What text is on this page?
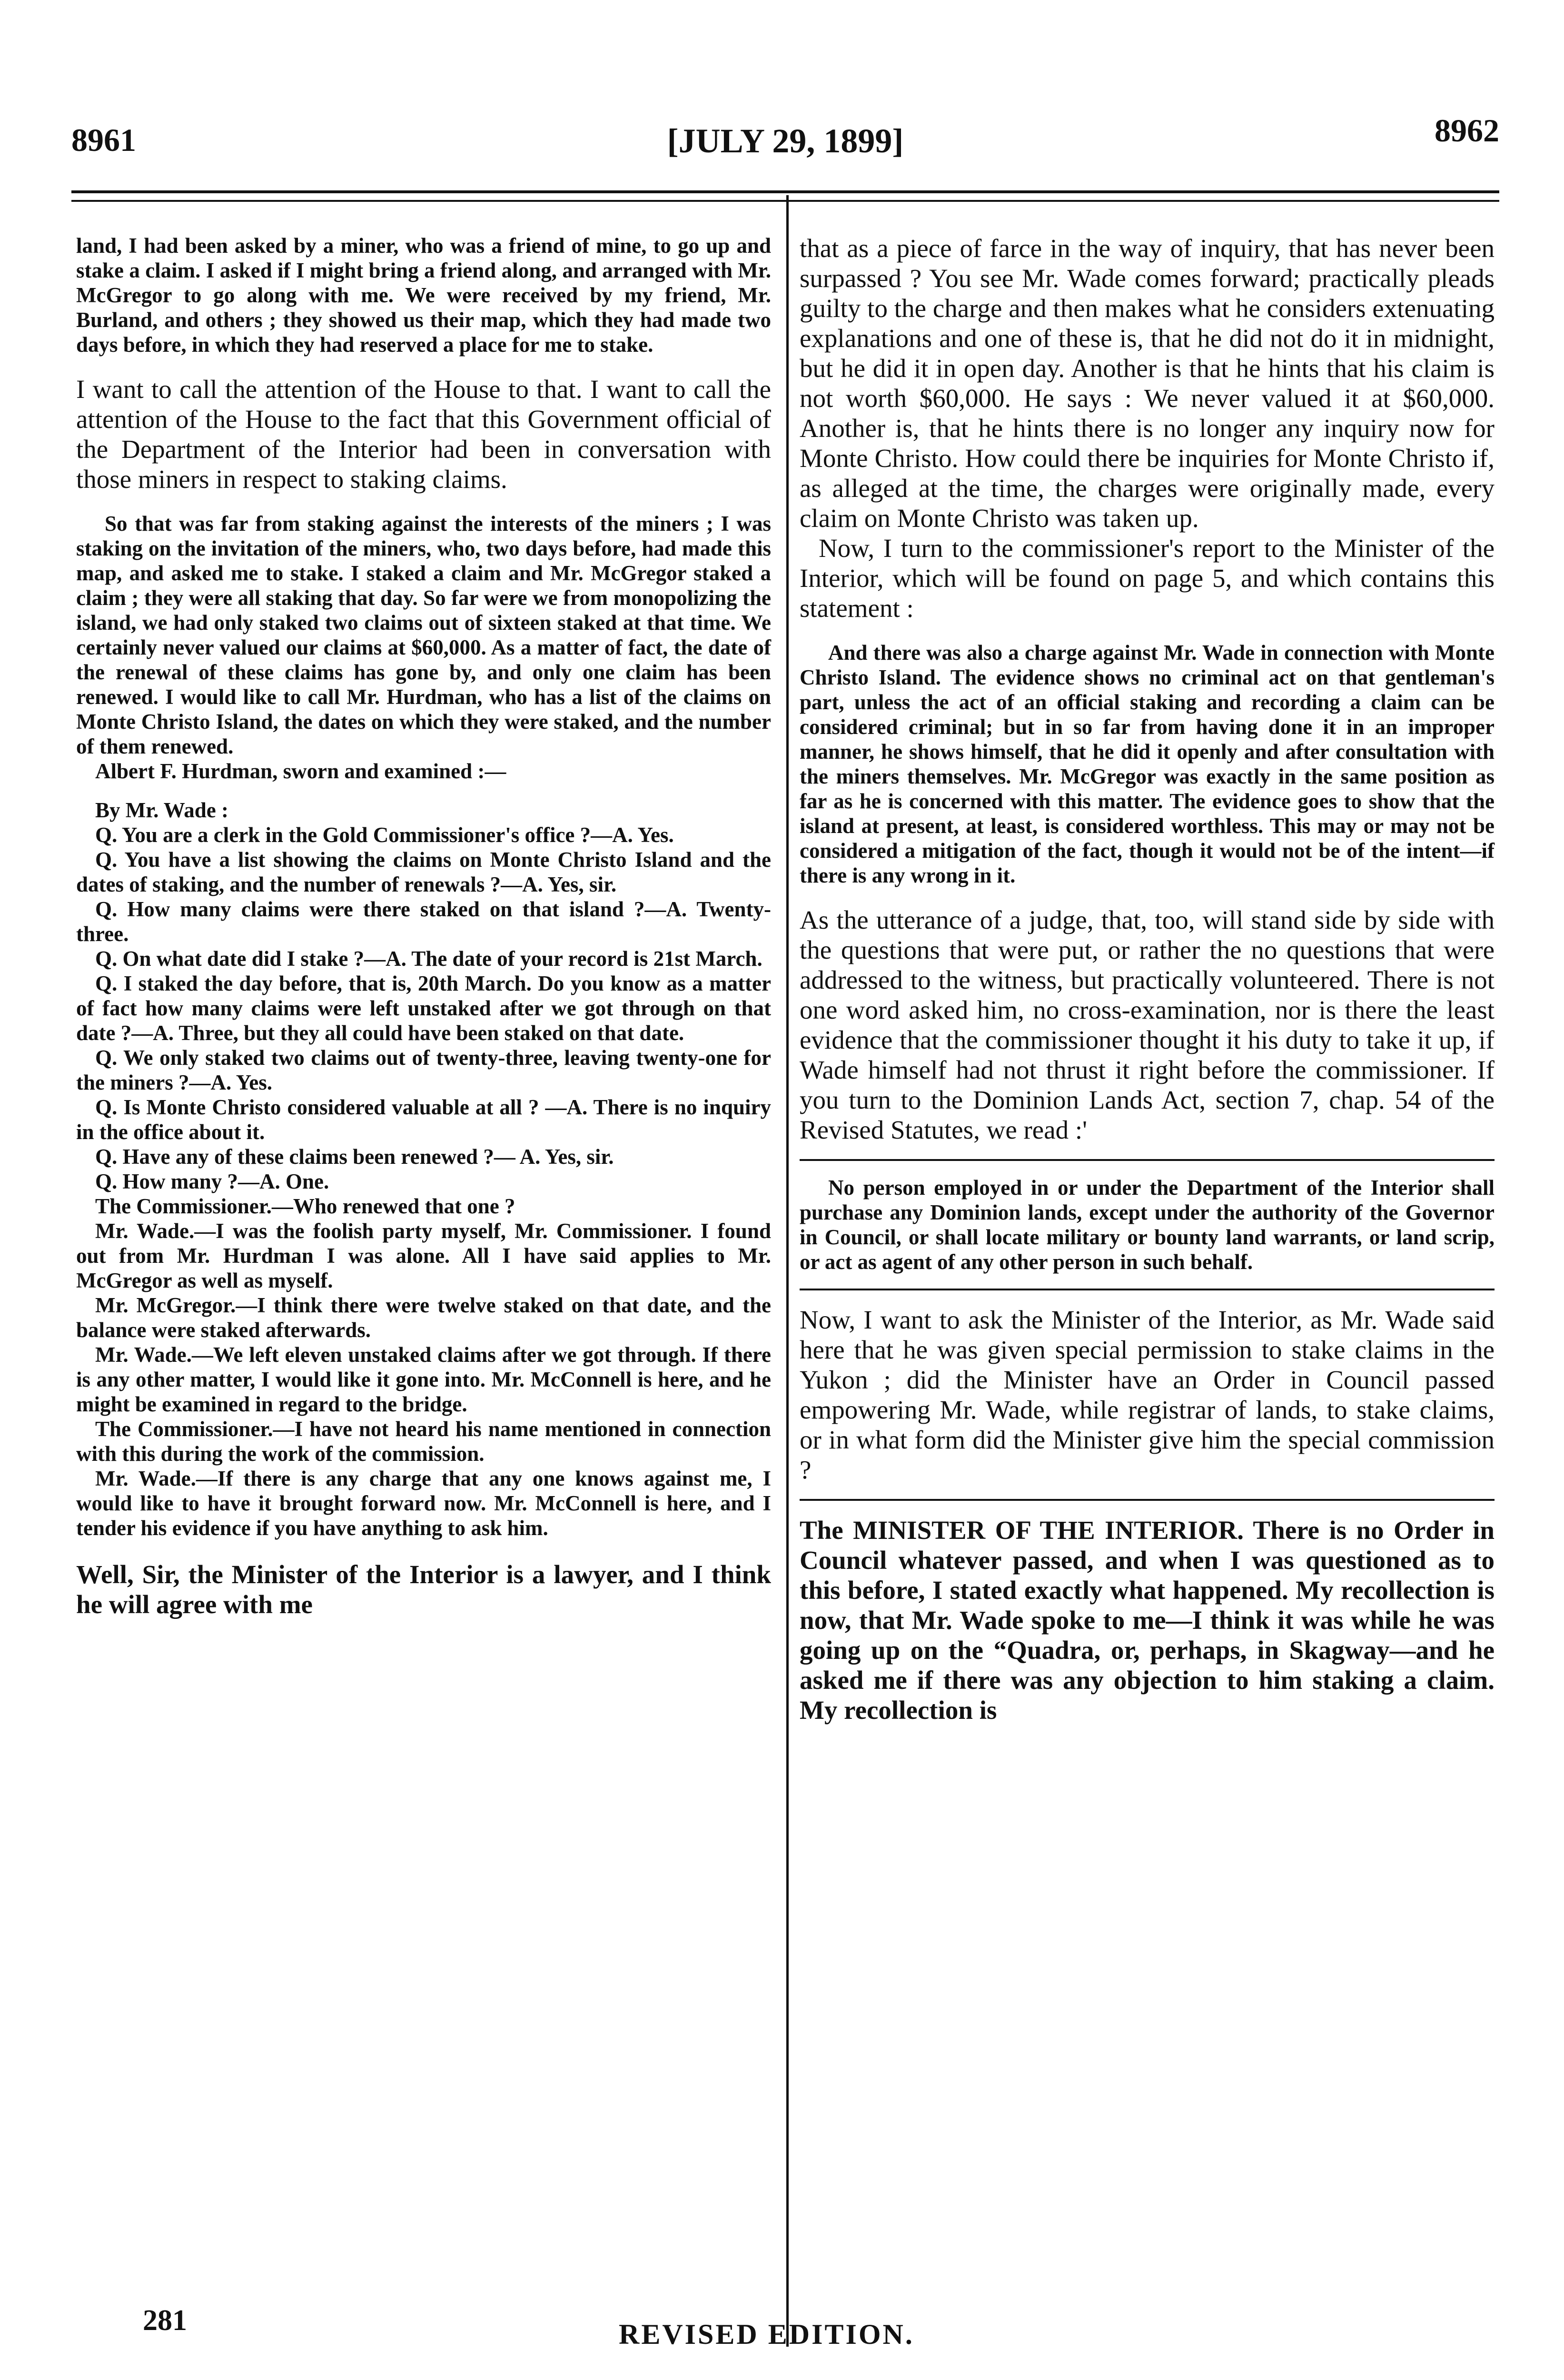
8961	[JULY 29, 1899]	8962

land, I had been asked by a miner, who was a friend of mine, to go up and stake a claim. I asked if I might bring a friend along, and arranged with Mr. McGregor to go along with me. We were received by my friend, Mr. Burland, and others ; they showed us their map, which they had made two days before, in which they had reserved a place for me to stake.

I want to call the attention of the House to that. I want to call the attention of the House to the fact that this Government official of the Department of the Interior had been in conversation with those miners in respect to staking claims.

So that was far from staking against the interests of the miners ; I was staking on the invitation of the miners, who, two days before, had made this map, and asked me to stake. I staked a claim and Mr. McGregor staked a claim ; they were all staking that day. So far were we from monopolizing the island, we had only staked two claims out of sixteen staked at that time. We certainly never valued our claims at $60,000. As a matter of fact, the date of the renewal of these claims has gone by, and only one claim has been renewed. I would like to call Mr. Hurdman, who has a list of the claims on Monte Christo Island, the dates on which they were staked, and the number of them renewed.

Albert F. Hurdman, sworn and examined :—

By Mr. Wade :

Q. You are a clerk in the Gold Commissioner's office ?—A. Yes.

Q. You have a list showing the claims on Monte Christo Island and the dates of staking, and the number of renewals ?—A. Yes, sir.

Q. How many claims were there staked on that island ?—A. Twenty-three.

Q. On what date did I stake ?—A. The date of your record is 21st March.

Q. I staked the day before, that is, 20th March. Do you know as a matter of fact how many claims were left unstaked after we got through on that date ?—A. Three, but they all could have been staked on that date.

Q. We only staked two claims out of twenty-three, leaving twenty-one for the miners ?—A. Yes.

Q. Is Monte Christo considered valuable at all ? —A. There is no inquiry in the office about it.

Q. Have any of these claims been renewed ?— A. Yes, sir.

Q. How many ?—A. One.

The Commissioner.—Who renewed that one ?

Mr. Wade.—I was the foolish party myself, Mr. Commissioner. I found out from Mr. Hurdman I was alone. All I have said applies to Mr. McGregor as well as myself.

Mr. McGregor.—I think there were twelve staked on that date, and the balance were staked afterwards.

Mr. Wade.—We left eleven unstaked claims after we got through. If there is any other matter, I would like it gone into. Mr. McConnell is here, and he might be examined in regard to the bridge.

The Commissioner.—I have not heard his name mentioned in connection with this during the work of the commission.

Mr. Wade.—If there is any charge that any one knows against me, I would like to have it brought forward now. Mr. McConnell is here, and I tender his evidence if you have anything to ask him.

Well, Sir, the Minister of the Interior is a lawyer, and I think he will agree with me

that as a piece of farce in the way of inquiry, that has never been surpassed ? You see Mr. Wade comes forward; practically pleads guilty to the charge and then makes what he considers extenuating explanations and one of these is, that he did not do it in midnight, but he did it in open day. Another is that he hints that his claim is not worth $60,000. He says : We never valued it at $60,000. Another is, that he hints there is no longer any inquiry now for Monte Christo. How could there be inquiries for Monte Christo if, as alleged at the time, the charges were originally made, every claim on Monte Christo was taken up.

Now, I turn to the commissioner's report to the Minister of the Interior, which will be found on page 5, and which contains this statement :

And there was also a charge against Mr. Wade in connection with Monte Christo Island. The evidence shows no criminal act on that gentleman's part, unless the act of an official staking and recording a claim can be considered criminal; but in so far from having done it in an improper manner, he shows himself, that he did it openly and after consultation with the miners themselves. Mr. McGregor was exactly in the same position as far as he is concerned with this matter. The evidence goes to show that the island at present, at least, is considered worthless. This may or may not be considered a mitigation of the fact, though it would not be of the intent—if there is any wrong in it.

As the utterance of a judge, that, too, will stand side by side with the questions that were put, or rather the no questions that were addressed to the witness, but practically volunteered. There is not one word asked him, no cross-examination, nor is there the least evidence that the commissioner thought it his duty to take it up, if Wade himself had not thrust it right before the commissioner. If you turn to the Dominion Lands Act, section 7, chap. 54 of the Revised Statutes, we read :'

No person employed in or under the Department of the Interior shall purchase any Dominion lands, except under the authority of the Governor in Council, or shall locate military or bounty land warrants, or land scrip, or act as agent of any other person in such behalf.

Now, I want to ask the Minister of the Interior, as Mr. Wade said here that he was given special permission to stake claims in the Yukon ; did the Minister have an Order in Council passed empowering Mr. Wade, while registrar of lands, to stake claims, or in what form did the Minister give him the special commission ?

The MINISTER OF THE INTERIOR. There is no Order in Council whatever passed, and when I was questioned as to this before, I stated exactly what happened. My recollection is now, that Mr. Wade spoke to me—I think it was while he was going up on the “Quadra, or, perhaps, in Skagway—and he asked me if there was any objection to him staking a claim. My recollection is

281	REVISED EDITION.
